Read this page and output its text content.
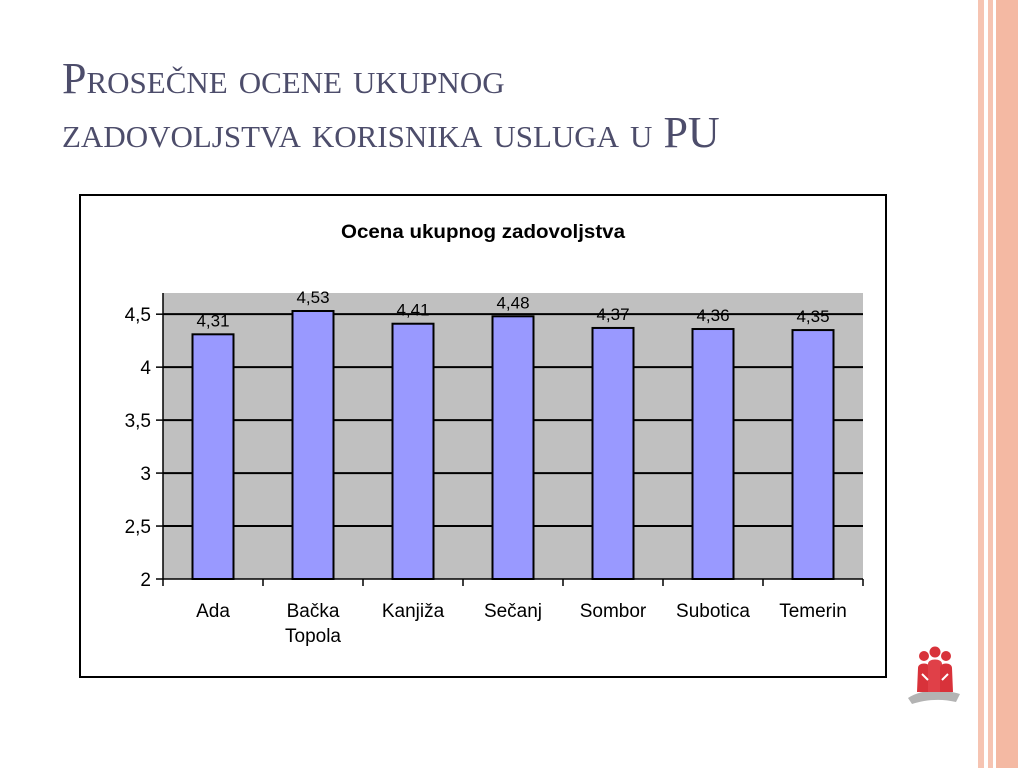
Prosečne ocene ukupnog
zadovoljstva korisnika usluga u PU
Ocena ukupnog zadovoljstva
2
2,5
3
3,5
4
4,5	4,31
Ada
4,53
Bačka
Topola
4,41
Kanjiža
4,48
Sečanj
4,37
Sombor
4,36
Subotica
4,35
Temerin
